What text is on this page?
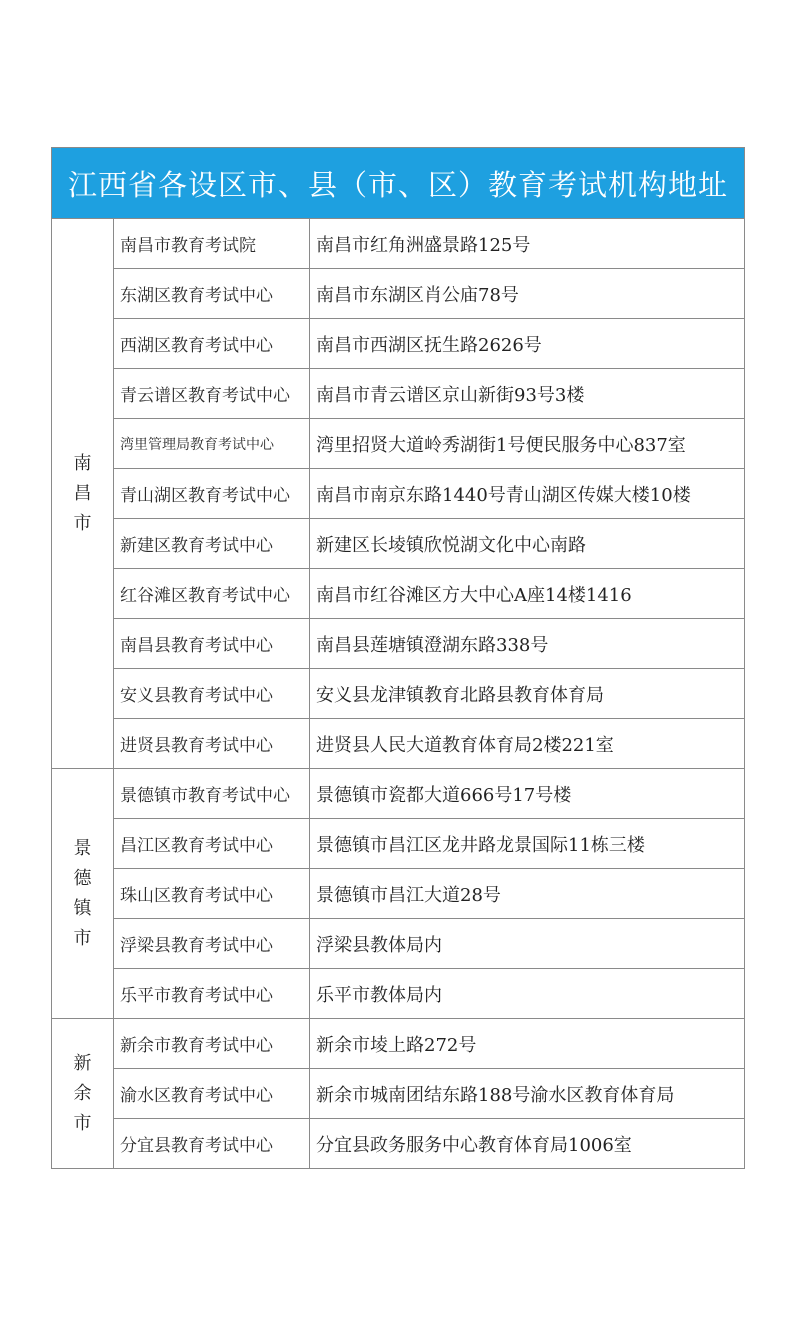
江西省各设区市、县（市、区）教育考试机构地址		

南
昌
市	南昌市教育考试院	南昌市红角洲盛景路125号
	东湖区教育考试中心	南昌市东湖区肖公庙78号
	西湖区教育考试中心	南昌市西湖区抚生路2626号
	青云谱区教育考试中心	南昌市青云谱区京山新街93号3楼
	湾里管理局教育考试中心	湾里招贤大道岭秀湖街1号便民服务中心837室
	青山湖区教育考试中心	南昌市南京东路1440号青山湖区传媒大楼10楼
	新建区教育考试中心	新建区长堎镇欣悦湖文化中心南路
	红谷滩区教育考试中心	南昌市红谷滩区方大中心A座14楼1416
	南昌县教育考试中心	南昌县莲塘镇澄湖东路338号
	安义县教育考试中心	安义县龙津镇教育北路县教育体育局
	进贤县教育考试中心	进贤县人民大道教育体育局2楼221室

景
德
镇
市	景德镇市教育考试中心	景德镇市瓷都大道666号17号楼
	昌江区教育考试中心	景德镇市昌江区龙井路龙景国际11栋三楼
	珠山区教育考试中心	景德镇市昌江大道28号
	浮梁县教育考试中心	浮梁县教体局内
	乐平市教育考试中心	乐平市教体局内

新
余
市	新余市教育考试中心	新余市堎上路272号
	渝水区教育考试中心	新余市城南团结东路188号渝水区教育体育局
	分宜县教育考试中心	分宜县政务服务中心教育体育局1006室
